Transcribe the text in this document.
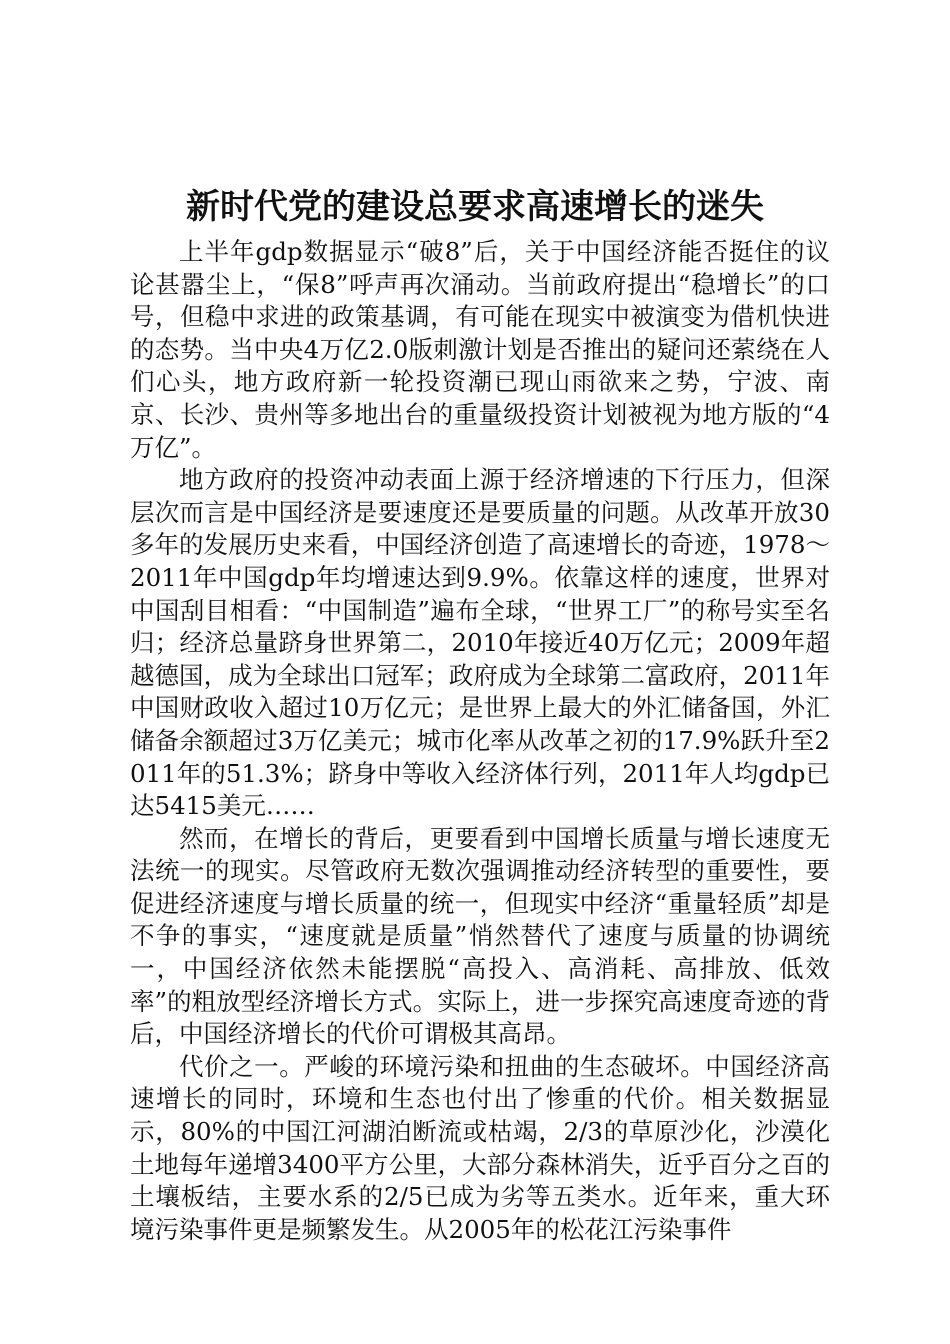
新时代党的建设总要求高速增长的迷失

上半年gdp数据显示“破8”后，关于中国经济能否挺住的议论甚嚣尘上，“保8”呼声再次涌动。当前政府提出“稳增长”的口号，但稳中求进的政策基调，有可能在现实中被演变为借机快进的态势。当中央4万亿2.0版刺激计划是否推出的疑问还萦绕在人们心头，地方政府新一轮投资潮已现山雨欲来之势，宁波、南京、长沙、贵州等多地出台的重量级投资计划被视为地方版的“4万亿”。

地方政府的投资冲动表面上源于经济增速的下行压力，但深层次而言是中国经济是要速度还是要质量的问题。从改革开放30多年的发展历史来看，中国经济创造了高速增长的奇迹，1978～2011年中国gdp年均增速达到9.9%。依靠这样的速度，世界对中国刮目相看：“中国制造”遍布全球，“世界工厂”的称号实至名归；经济总量跻身世界第二，2010年接近40万亿元；2009年超越德国，成为全球出口冠军；政府成为全球第二富政府，2011年中国财政收入超过10万亿元；是世界上最大的外汇储备国，外汇储备余额超过3万亿美元；城市化率从改革之初的17.9%跃升至2011年的51.3%；跻身中等收入经济体行列，2011年人均gdp已达5415美元……

然而，在增长的背后，更要看到中国增长质量与增长速度无法统一的现实。尽管政府无数次强调推动经济转型的重要性，要促进经济速度与增长质量的统一，但现实中经济“重量轻质”却是不争的事实，“速度就是质量”悄然替代了速度与质量的协调统一，中国经济依然未能摆脱“高投入、高消耗、高排放、低效率”的粗放型经济增长方式。实际上，进一步探究高速度奇迹的背后，中国经济增长的代价可谓极其高昂。

代价之一。严峻的环境污染和扭曲的生态破坏。中国经济高速增长的同时，环境和生态也付出了惨重的代价。相关数据显示，80%的中国江河湖泊断流或枯竭，2/3的草原沙化，沙漠化土地每年递增3400平方公里，大部分森林消失，近乎百分之百的土壤板结，主要水系的2/5已成为劣等五类水。近年来，重大环境污染事件更是频繁发生。从2005年的松花江污染事件
